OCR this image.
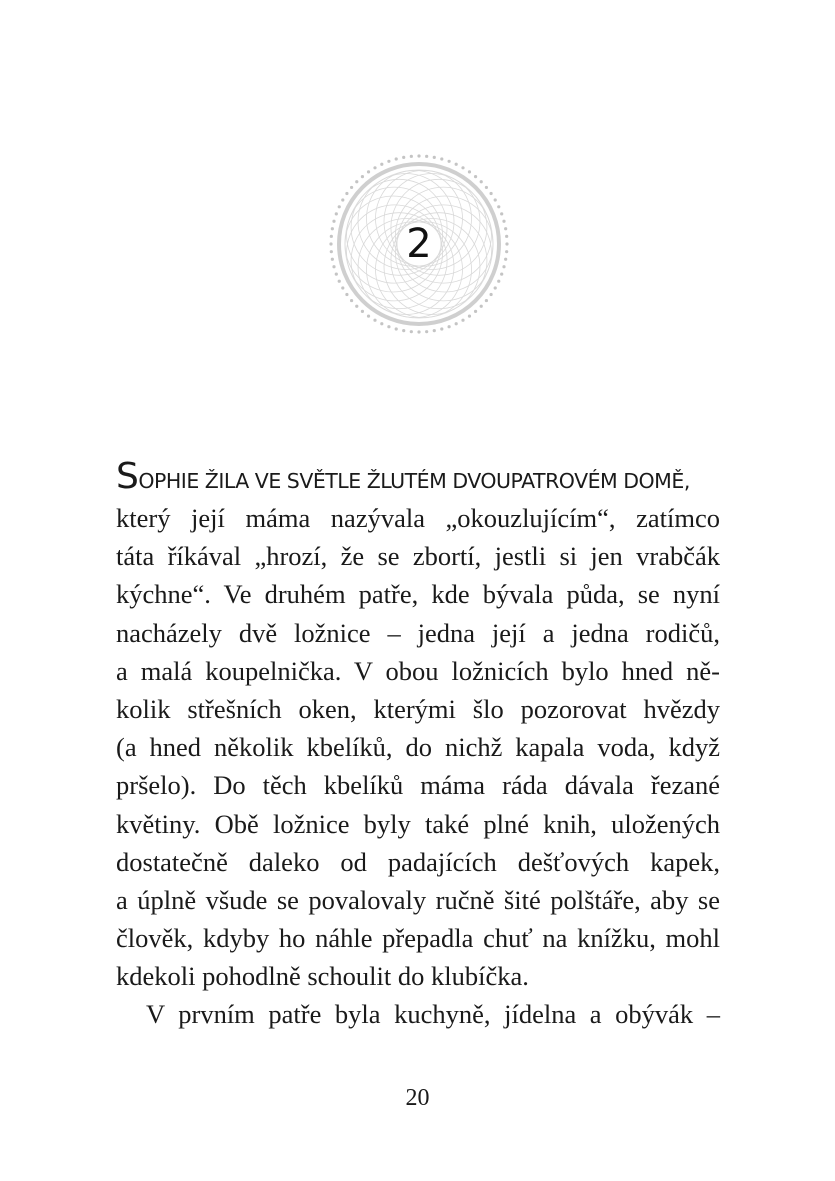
2
SOPHIE ŽILA VE SVĚTLE ŽLUTÉM DVOUPATROVÉM DOMĚ,
který její máma nazývala „okouzlujícím“, zatímco
táta říkával „hrozí, že se zbortí, jestli si jen vrabčák
kýchne“. Ve druhém patře, kde bývala půda, se nyní
nacházely dvě ložnice – jedna její a jedna rodičů,
a malá koupelnička. V obou ložnicích bylo hned ně-
kolik střešních oken, kterými šlo pozorovat hvězdy
(a hned několik kbelíků, do nichž kapala voda, když
pršelo). Do těch kbelíků máma ráda dávala řezané
květiny. Obě ložnice byly také plné knih, uložených
dostatečně daleko od padajících dešťových kapek,
a úplně všude se povalovaly ručně šité polštáře, aby se
člověk, kdyby ho náhle přepadla chuť na knížku, mohl
kdekoli pohodlně schoulit do klubíčka.
V prvním patře byla kuchyně, jídelna a obývák –
20
